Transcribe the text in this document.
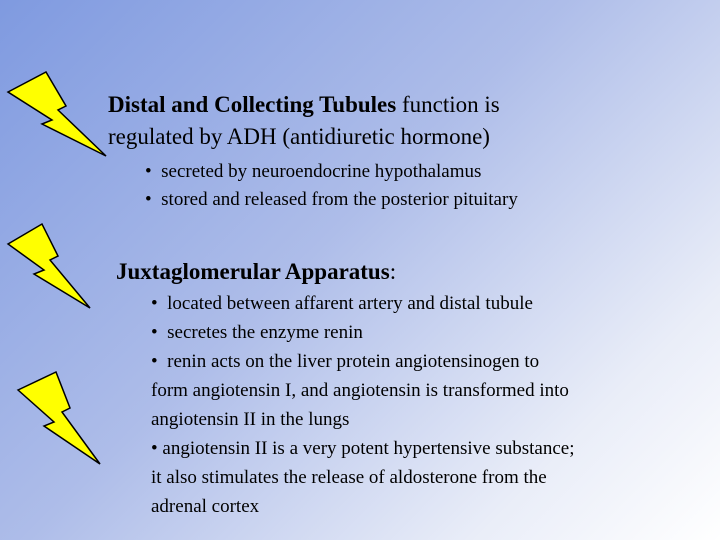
Distal and Collecting Tubules function is
regulated by ADH (antidiuretic hormone)
• secreted by neuroendocrine hypothalamus
• stored and released from the posterior pituitary
Juxtaglomerular Apparatus:
• located between affarent artery and distal tubule
• secretes the enzyme renin
• renin acts on the liver protein angiotensinogen to
form angiotensin I, and angiotensin is transformed into
angiotensin II in the lungs
• angiotensin II is a very potent hypertensive substance;
it also stimulates the release of aldosterone from the
adrenal cortex
